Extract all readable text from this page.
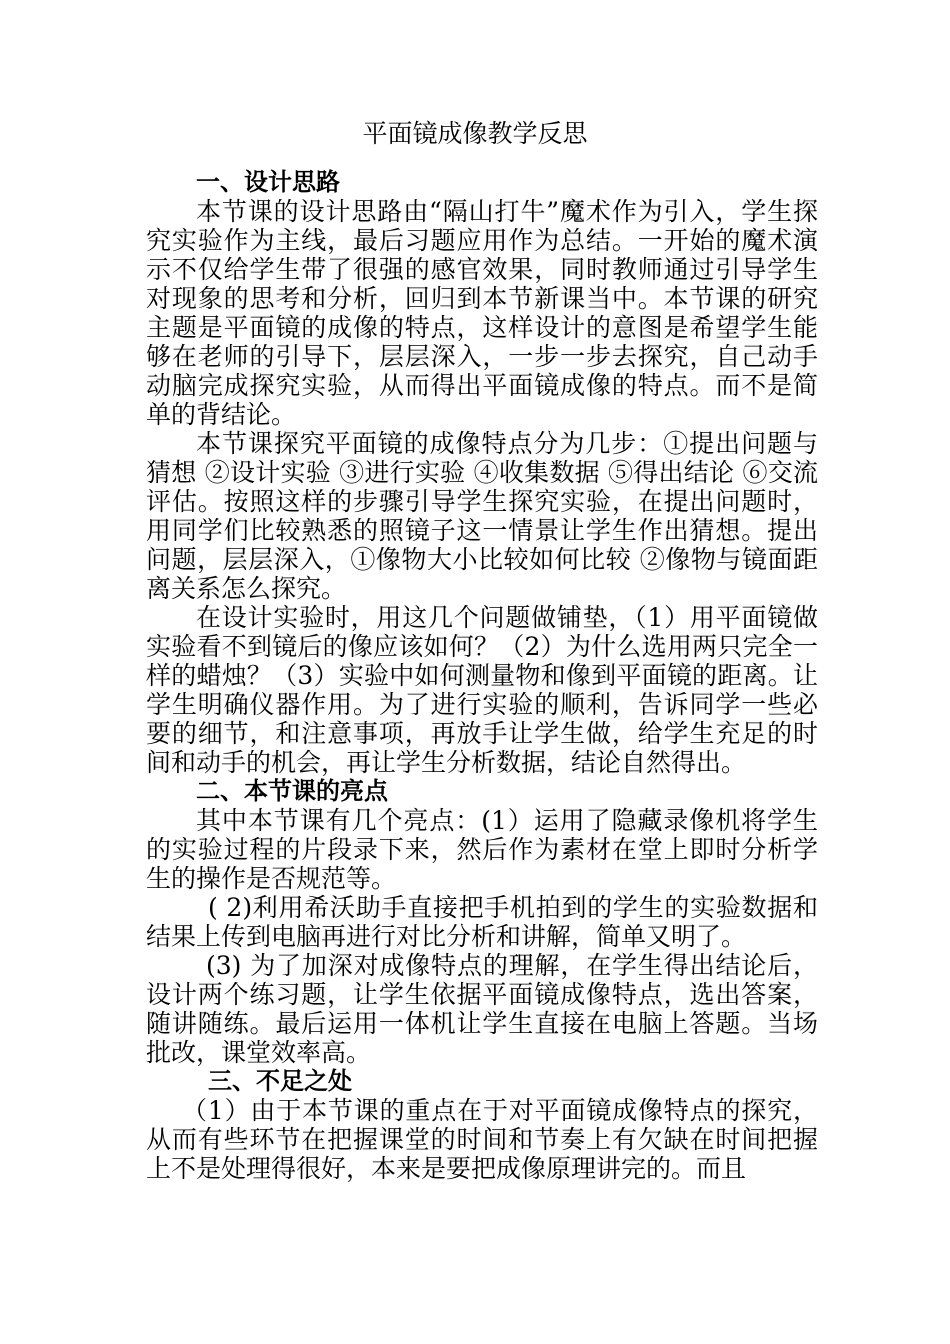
平面镜成像教学反思
一、设计思路

本节课的设计思路由“隔山打牛”魔术作为引入，学生探究实验作为主线，最后习题应用作为总结。一开始的魔术演示不仅给学生带了很强的感官效果，同时教师通过引导学生对现象的思考和分析，回归到本节新课当中。本节课的研究主题是平面镜的成像的特点，这样设计的意图是希望学生能够在老师的引导下，层层深入，一步一步去探究，自己动手动脑完成探究实验，从而得出平面镜成像的特点。而不是简单的背结论。

本节课探究平面镜的成像特点分为几步：①提出问题与猜想 ②设计实验 ③进行实验 ④收集数据 ⑤得出结论 ⑥交流评估。按照这样的步骤引导学生探究实验，在提出问题时，用同学们比较熟悉的照镜子这一情景让学生作出猜想。提出问题，层层深入，①像物大小比较如何比较 ②像物与镜面距离关系怎么探究。

在设计实验时，用这几个问题做铺垫，（1）用平面镜做实验看不到镜后的像应该如何？（2）为什么选用两只完全一样的蜡烛？（3）实验中如何测量物和像到平面镜的距离。让学生明确仪器作用。为了进行实验的顺利，告诉同学一些必要的细节，和注意事项，再放手让学生做，给学生充足的时间和动手的机会，再让学生分析数据，结论自然得出。

二、本节课的亮点

其中本节课有几个亮点：(1）运用了隐藏录像机将学生的实验过程的片段录下来，然后作为素材在堂上即时分析学生的操作是否规范等。

( 2)利用希沃助手直接把手机拍到的学生的实验数据和结果上传到电脑再进行对比分析和讲解，简单又明了。

(3) 为了加深对成像特点的理解，在学生得出结论后，设计两个练习题，让学生依据平面镜成像特点，选出答案，随讲随练。最后运用一体机让学生直接在电脑上答题。当场批改，课堂效率高。

三、不足之处

（1）由于本节课的重点在于对平面镜成像特点的探究，从而有些环节在把握课堂的时间和节奏上有欠缺在时间把握上不是处理得很好，本来是要把成像原理讲完的。而且
